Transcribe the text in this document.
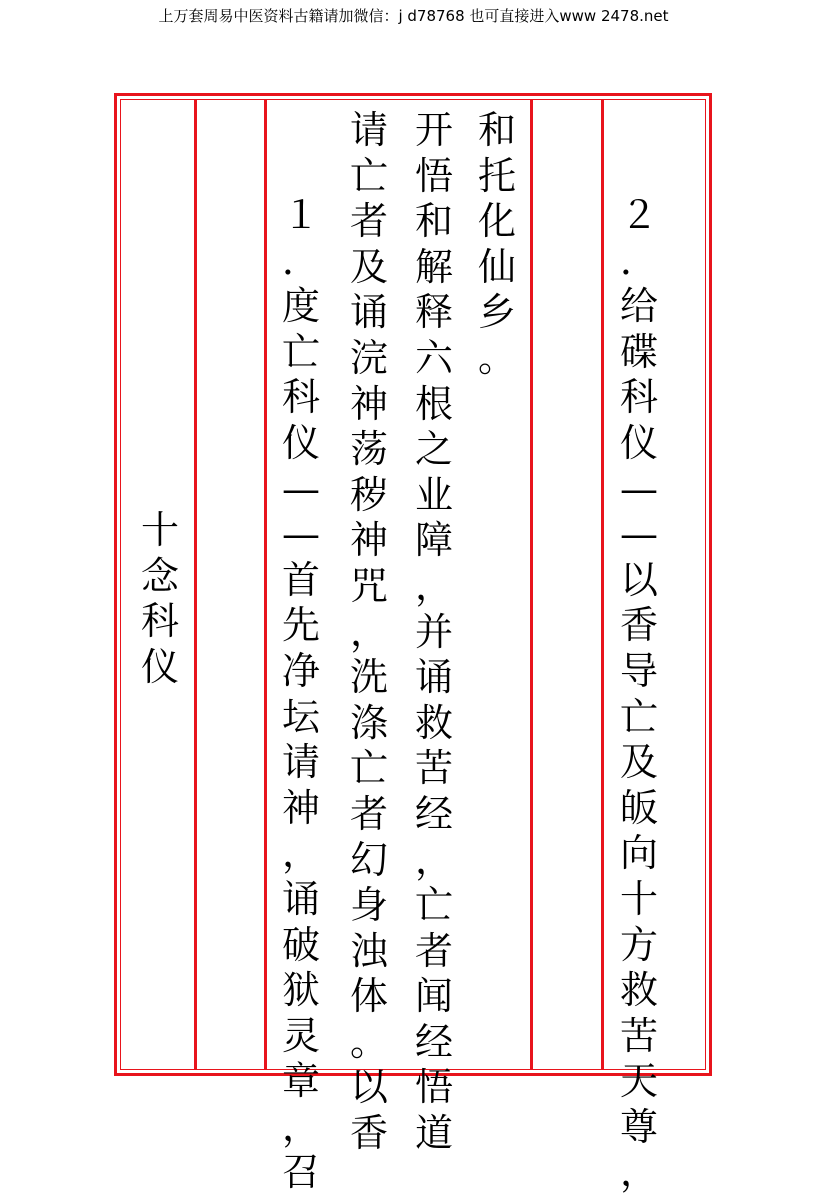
上万套周易中医资料古籍请加微信：j d78768 也可直接进入www 2478.net
２
．
给
碟
科
仪
—
—
以
香
导
亡
及
皈
向
十
方
救
苦
天
尊
，
和
托
化
仙
乡
。
开
悟
和
解
释
六
根
之
业
障
，
并
诵
救
苦
经
，
亡
者
闻
经
悟
道
请
亡
者
及
诵
浣
神
荡
秽
神
咒
，
洗
涤
亡
者
幻
身
浊
体
。
以
香
１
．
度
亡
科
仪
—
—
首
先
净
坛
请
神
，
诵
破
狱
灵
章
，
召
十
念
科
仪
